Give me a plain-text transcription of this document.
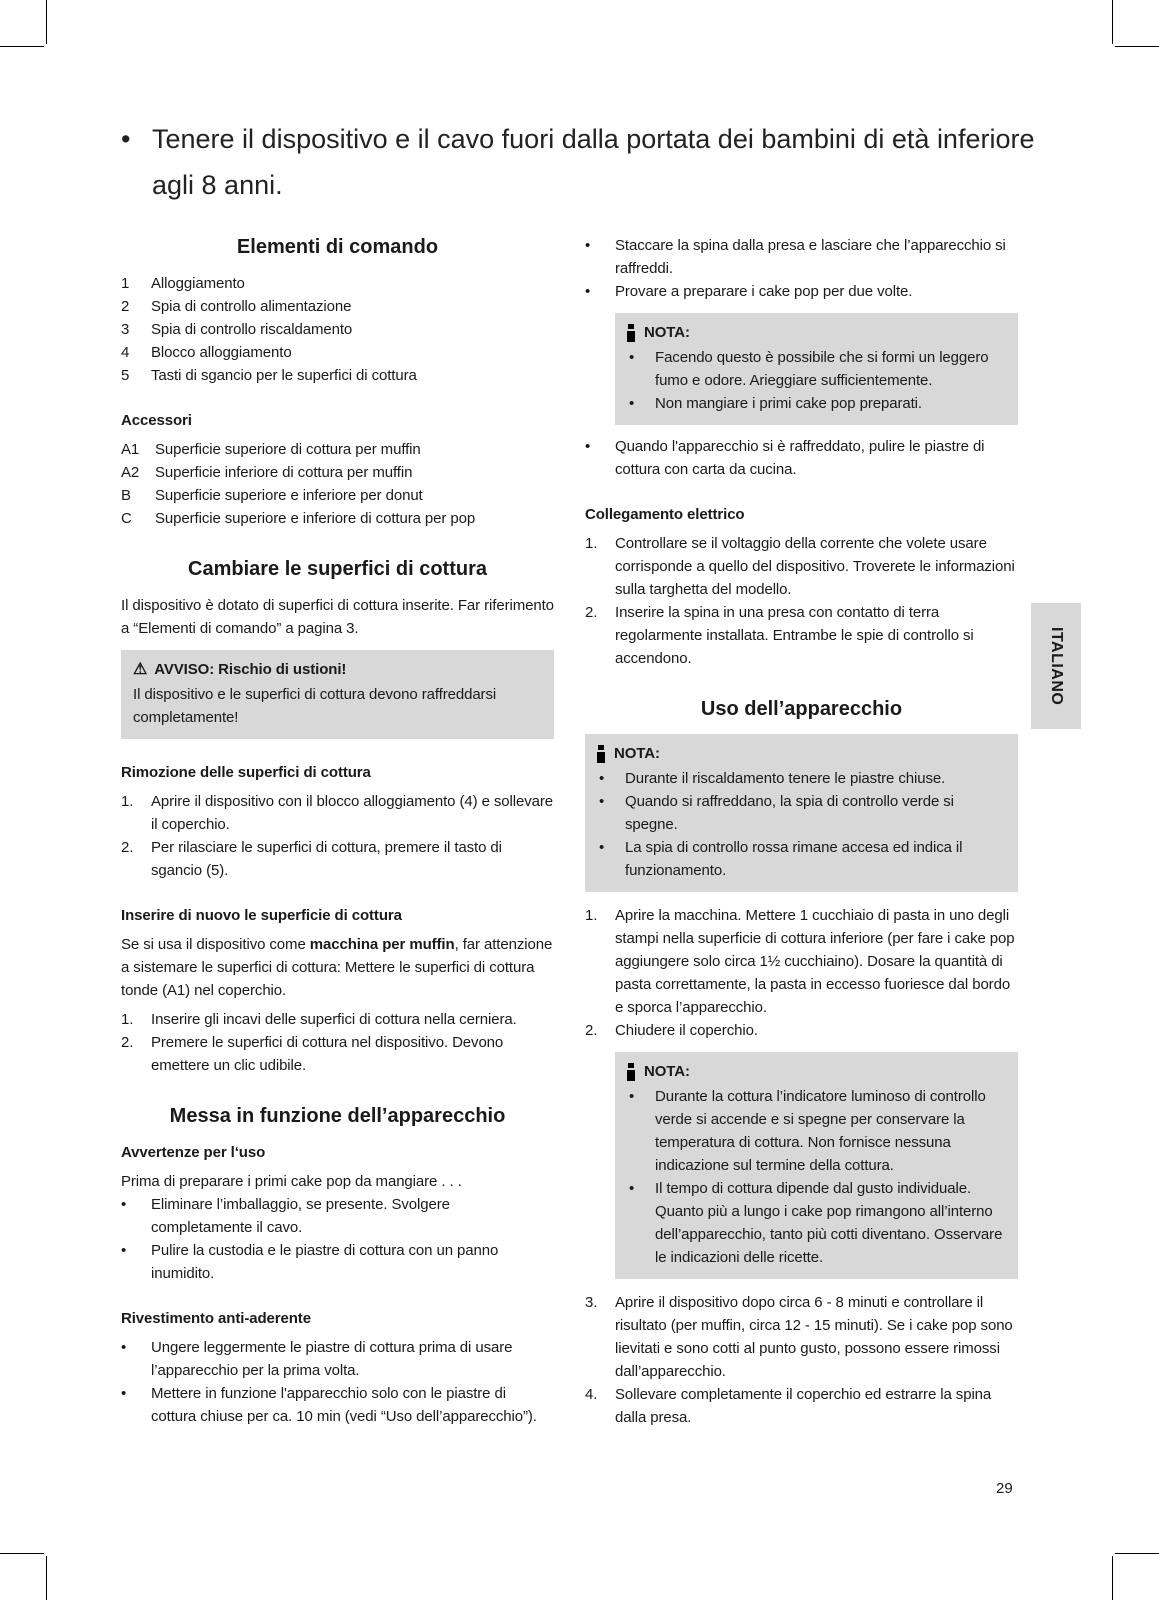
• Tenere il dispositivo e il cavo fuori dalla portata dei bambini di età inferiore agli 8 anni.
Elementi di comando
1	Alloggiamento
2	Spia di controllo alimentazione
3	Spia di controllo riscaldamento
4	Blocco alloggiamento
5	Tasti di sgancio per le superfici di cottura
Accessori
A1	Superficie superiore di cottura per muffin
A2	Superficie inferiore di cottura per muffin
B	Superficie superiore e inferiore per donut
C	Superficie superiore e inferiore di cottura per pop
Cambiare le superfici di cottura

Il dispositivo è dotato di superfici di cottura inserite. Far riferimento a “Elementi di comando” a pagina 3.

⚠ AVVISO: Rischio di ustioni!

Il dispositivo e le superfici di cottura devono raffreddarsi completamente!

Rimozione delle superfici di cottura
1.	Aprire il dispositivo con il blocco alloggiamento (4) e sollevare il coperchio.
2.	Per rilasciare le superfici di cottura, premere il tasto di sgancio (5).
Inserire di nuovo le superficie di cottura

Se si usa il dispositivo come macchina per muffin, far attenzione a sistemare le superfici di cottura: Mettere le superfici di cottura tonde (A1) nel coperchio.

1.	Inserire gli incavi delle superfici di cottura nella cerniera.
2.	Premere le superfici di cottura nel dispositivo. Devono emettere un clic udibile.
Messa in funzione dell’apparecchio
Avvertenze per l‘uso

Prima di preparare i primi cake pop da mangiare . . .

•	Eliminare l’imballaggio, se presente. Svolgere completamente il cavo.
•	Pulire la custodia e le piastre di cottura con un panno inumidito.
Rivestimento anti-aderente
•	Ungere leggermente le piastre di cottura prima di usare l’apparecchio per la prima volta.
•	Mettere in funzione l'apparecchio solo con le piastre di cottura chiuse per ca. 10 min (vedi “Uso dell’apparecchio”).
•	Staccare la spina dalla presa e lasciare che l’apparecchio si raffreddi.
•	Provare a preparare i cake pop per due volte.
NOTA:
•	Facendo questo è possibile che si formi un leggero fumo e odore. Arieggiare sufficientemente.
•	Non mangiare i primi cake pop preparati.
•	Quando l'apparecchio si è raffreddato, pulire le piastre di cottura con carta da cucina.
Collegamento elettrico
1.	Controllare se il voltaggio della corrente che volete usare corrisponde a quello del dispositivo. Troverete le informazioni sulla targhetta del modello.
2.	Inserire la spina in una presa con contatto di terra regolarmente installata. Entrambe le spie di controllo si accendono.
Uso dell’apparecchio
NOTA:
•	Durante il riscaldamento tenere le piastre chiuse.
•	Quando si raffreddano, la spia di controllo verde si spegne.
•	La spia di controllo rossa rimane accesa ed indica il funzionamento.
1.	Aprire la macchina. Mettere 1 cucchiaio di pasta in uno degli stampi nella superficie di cottura inferiore (per fare i cake pop aggiungere solo circa 1½ cucchiaino). Dosare la quantità di pasta correttamente, la pasta in eccesso fuoriesce dal bordo e sporca l’apparecchio.
2.	Chiudere il coperchio.
NOTA:
•	Durante la cottura l’indicatore luminoso di controllo verde si accende e si spegne per conservare la temperatura di cottura. Non fornisce nessuna indicazione sul termine della cottura.
•	Il tempo di cottura dipende dal gusto individuale. Quanto più a lungo i cake pop rimangono all’interno dell’apparecchio, tanto più cotti diventano. Osservare le indicazioni delle ricette.
3.	Aprire il dispositivo dopo circa 6 - 8 minuti e controllare il risultato (per muffin, circa 12 - 15 minuti). Se i cake pop sono lievitati e sono cotti al punto gusto, possono essere rimossi dall’apparecchio.
4.	Sollevare completamente il coperchio ed estrarre la spina dalla presa.
ITALIANO
29
